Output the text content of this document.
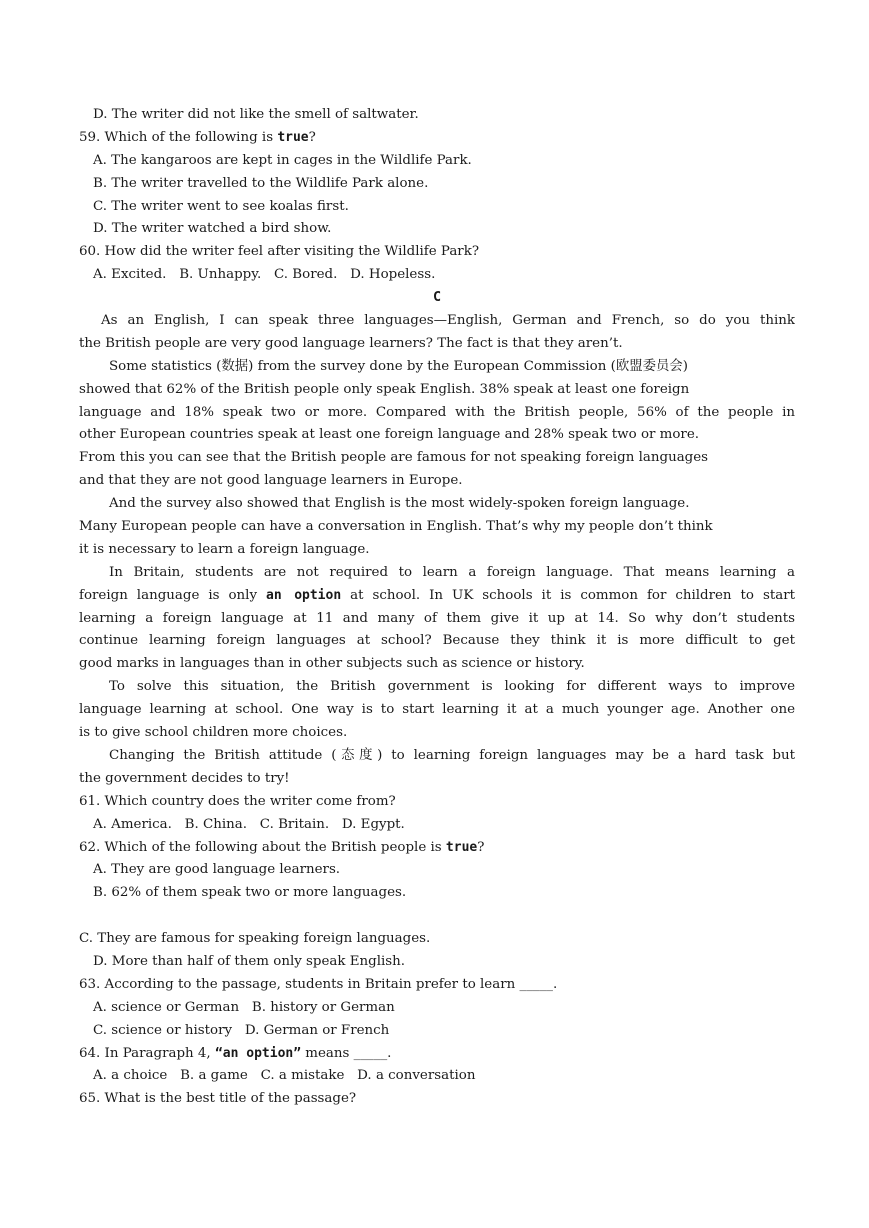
D. The writer did not like the smell of saltwater.
59. Which of the following is true?
A. The kangaroos are kept in cages in the Wildlife Park.
B. The writer travelled to the Wildlife Park alone.
C. The writer went to see koalas first.
D. The writer watched a bird show.
60. How did the writer feel after visiting the Wildlife Park?
A. Excited.   B. Unhappy.   C. Bored.   D. Hopeless.
C
As an English, I can speak three languages—English, German and French, so do you think
the British people are very good language learners? The fact is that they aren’t.
Some statistics (数据) from the survey done by the European Commission (欧盟委员会)
showed that 62% of the British people only speak English. 38% speak at least one foreign
language and 18% speak two or more. Compared with the British people, 56% of the people in
other European countries speak at least one foreign language and 28% speak two or more.
From this you can see that the British people are famous for not speaking foreign languages
and that they are not good language learners in Europe.
And the survey also showed that English is the most widely-spoken foreign language.
Many European people can have a conversation in English. That’s why my people don’t think
it is necessary to learn a foreign language.
In Britain, students are not required to learn a foreign language. That means learning a
foreign language is only an option at school. In UK schools it is common for children to start
learning a foreign language at 11 and many of them give it up at 14. So why don’t students
continue learning foreign languages at school? Because they think it is more difficult to get
good marks in languages than in other subjects such as science or history.
To solve this situation, the British government is looking for different ways to improve
language learning at school. One way is to start learning it at a much younger age. Another one
is to give school children more choices.
Changing the British attitude (态度) to learning foreign languages may be a hard task but
the government decides to try!
61. Which country does the writer come from?
A. America.   B. China.   C. Britain.   D. Egypt.
62. Which of the following about the British people is true?
A. They are good language learners.
B. 62% of them speak two or more languages.
C. They are famous for speaking foreign languages.
D. More than half of them only speak English.
63. According to the passage, students in Britain prefer to learn _____.
A. science or German   B. history or German
C. science or history   D. German or French
64. In Paragraph 4, “an option” means _____.
A. a choice   B. a game   C. a mistake   D. a conversation
65. What is the best title of the passage?
